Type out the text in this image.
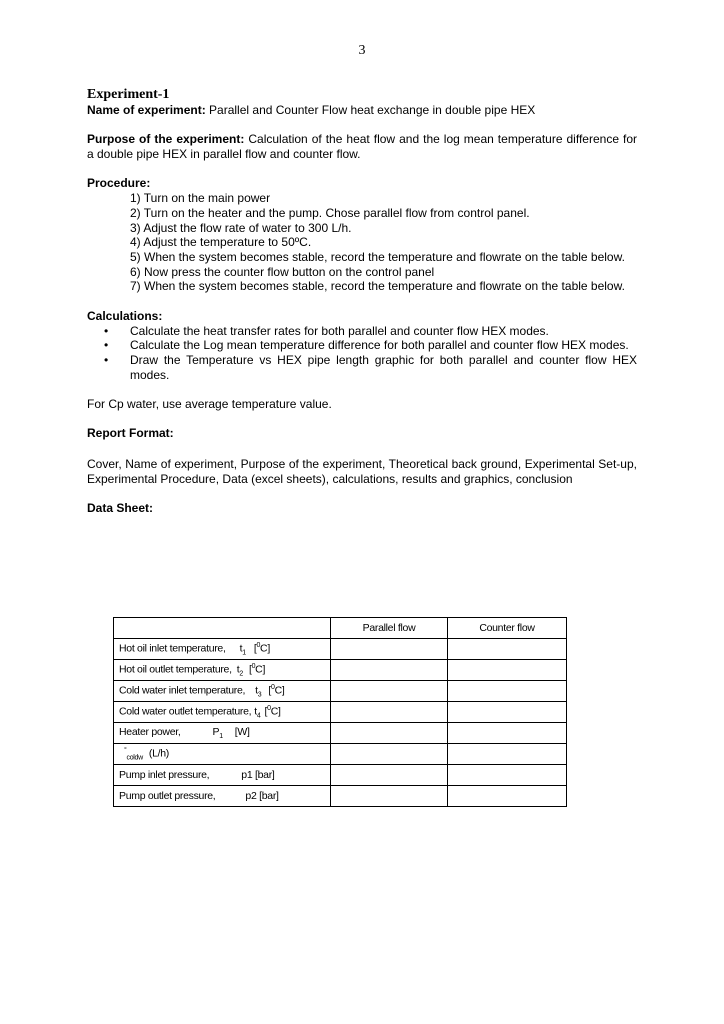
3

Experiment-1

Name of experiment: Parallel and Counter Flow heat exchange in double pipe HEX

Purpose of the experiment: Calculation of the heat flow and the log mean temperature difference for a double pipe HEX in parallel flow and counter flow.

Procedure:

1) Turn on the main power
2) Turn on the heater and the pump. Chose parallel flow from control panel.
3) Adjust the flow rate of water to 300 L/h.
4) Adjust the temperature to 50ºC.
5) When the system becomes stable, record the temperature and flowrate on the table below.
6) Now press the counter flow button on the control panel
7) When the system becomes stable, record the temperature and flowrate on the table below.

Calculations:

• Calculate the heat transfer rates for both parallel and counter flow HEX modes.
• Calculate the Log mean temperature difference for both parallel and counter flow HEX modes.
• Draw the Temperature vs HEX pipe length graphic for both parallel and counter flow HEX modes.

For Cp water, use average temperature value.

Report Format:

Cover, Name of experiment, Purpose of the experiment, Theoretical back ground, Experimental Set-up, Experimental Procedure, Data (excel sheets), calculations, results and graphics, conclusion

Data Sheet:

	Parallel flow	Counter flow
Hot oil inlet temperature, $t_1$ [$^0$C]		
Hot oil outlet temperature, $t_2$ [$^0$C]		
Cold water inlet temperature, $t_3$ [$^0$C]		
Cold water outlet temperature, $t_4$ [$^0$C]		
Heater power, $P_1$ [W]		
°$_{coldw}$ (L/h)		
Pump inlet pressure, p1 [bar]		
Pump outlet pressure, p2 [bar]		
